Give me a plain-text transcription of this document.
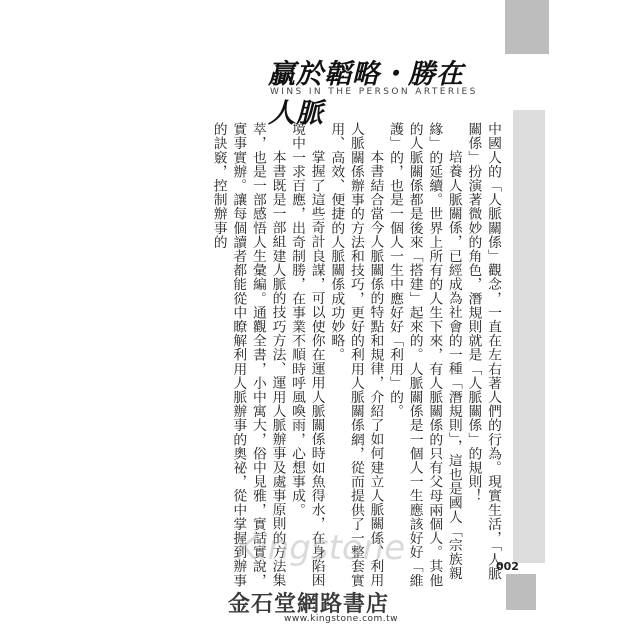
贏於韜略・勝在人脈
WINS IN THE PERSON ARTERIES

中國人的「人脈關係」觀念，一直在左右著人們的行為。現實生活，「人脈關係」扮演著微妙的角色，潛規則就是「人脈關係」的規則！

培養人脈關係，已經成為社會的一種「潛規則」，這也是國人「宗族親緣」的延續。世界上所有的人生下來，有人脈關係的只有父母兩個人。其他的人脈關係都是後來「搭建」起來的。人脈關係是一個人一生應該好好「維護」的，也是一個人一生中應好好「利用」的。

本書結合當今人脈關係的特點和規律，介紹了如何建立人脈關係、利用人脈關係辦事的方法和技巧，更好的利用人脈關係網，從而提供了一整套實用、高效、便捷的人脈關係成功妙略。

掌握了這些奇計良謀，可以使你在運用人脈關係時如魚得水，在身陷困境中一求百應，出奇制勝，在事業不順時呼風喚雨，心想事成。

本書既是一部組建人脈的技巧方法、運用人脈辦事及處事原則的方法集萃，也是一部感悟人生彙編。通觀全書，小中寓大，俗中見雅，實話實說，實事實辦。讓每個讀者都能從中瞭解利用人脈辦事的奧祕，從中掌握到辦事的訣竅，控制辦事的

002
Kingstone
金石堂網路書店
www.kingstone.com.tw
